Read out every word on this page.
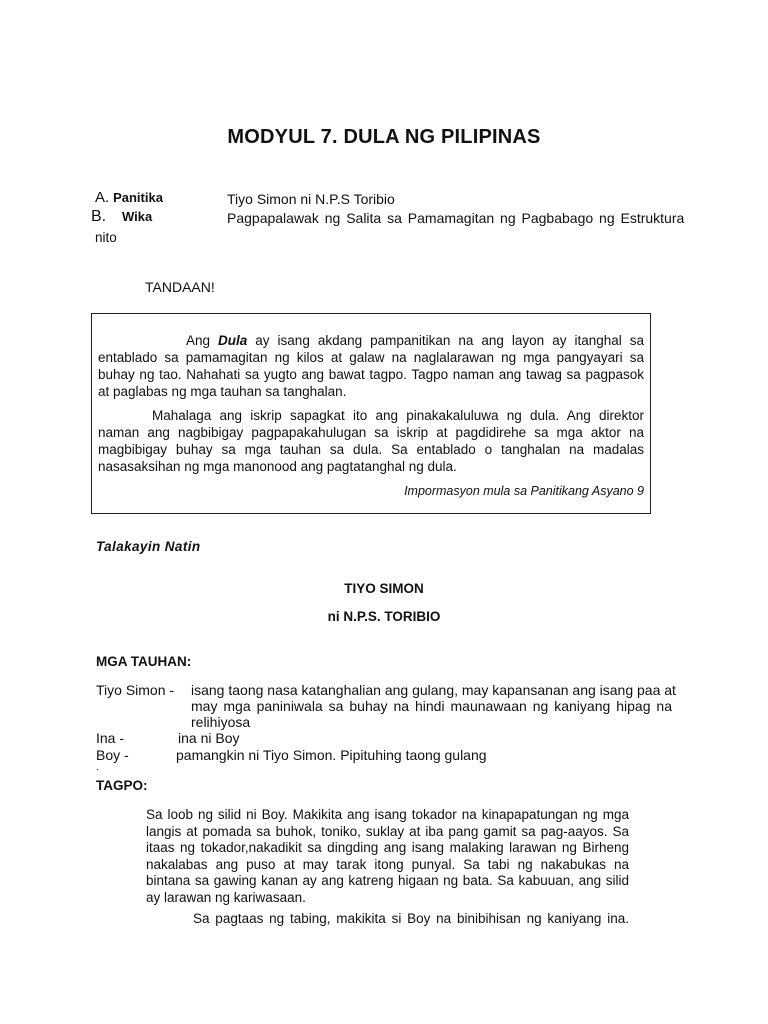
MODYUL 7. DULA NG PILIPINAS
A. Panitika	Tiyo Simon ni N.P.S Toribio
B. Wika	Pagpapalawak ng Salita sa Pamamagitan ng Pagbabago ng Estruktura
nito
TANDAAN!
Ang Dula ay isang akdang pampanitikan na ang layon ay itanghal sa
entablado sa pamamagitan ng kilos at galaw na naglalarawan ng mga pangyayari sa
buhay ng tao. Nahahati sa yugto ang bawat tagpo. Tagpo naman ang tawag sa pagpasok
at paglabas ng mga tauhan sa tanghalan.
Mahalaga ang iskrip sapagkat ito ang pinakakaluluwa ng dula. Ang direktor
naman ang nagbibigay pagpapakahulugan sa iskrip at pagdidirehe sa mga aktor na
magbibigay buhay sa mga tauhan sa dula. Sa entablado o tanghalan na madalas
nasasaksihan ng mga manonood ang pagtatanghal ng dula.
Impormasyon mula sa Panitikang Asyano 9
Talakayin Natin
TIYO SIMON
ni N.P.S. TORIBIO
MGA TAUHAN:
Tiyo Simon - isang taong nasa katanghalian ang gulang, may kapansanan ang isang paa at
may mga paniniwala sa buhay na hindi maunawaan ng kaniyang hipag na
relihiyosa
Ina -	ina ni Boy
Boy -	pamangkin ni Tiyo Simon. Pipituhing taong gulang
.
TAGPO:
Sa loob ng silid ni Boy. Makikita ang isang tokador na kinapapatungan ng mga
langis at pomada sa buhok, toniko, suklay at iba pang gamit sa pag-aayos. Sa
itaas ng tokador,nakadikit sa dingding ang isang malaking larawan ng Birheng
nakalabas ang puso at may tarak itong punyal. Sa tabi ng nakabukas na
bintana sa gawing kanan ay ang katreng higaan ng bata. Sa kabuuan, ang silid
ay larawan ng kariwasaan.
Sa pagtaas ng tabing, makikita si Boy na binibihisan ng kaniyang ina.
